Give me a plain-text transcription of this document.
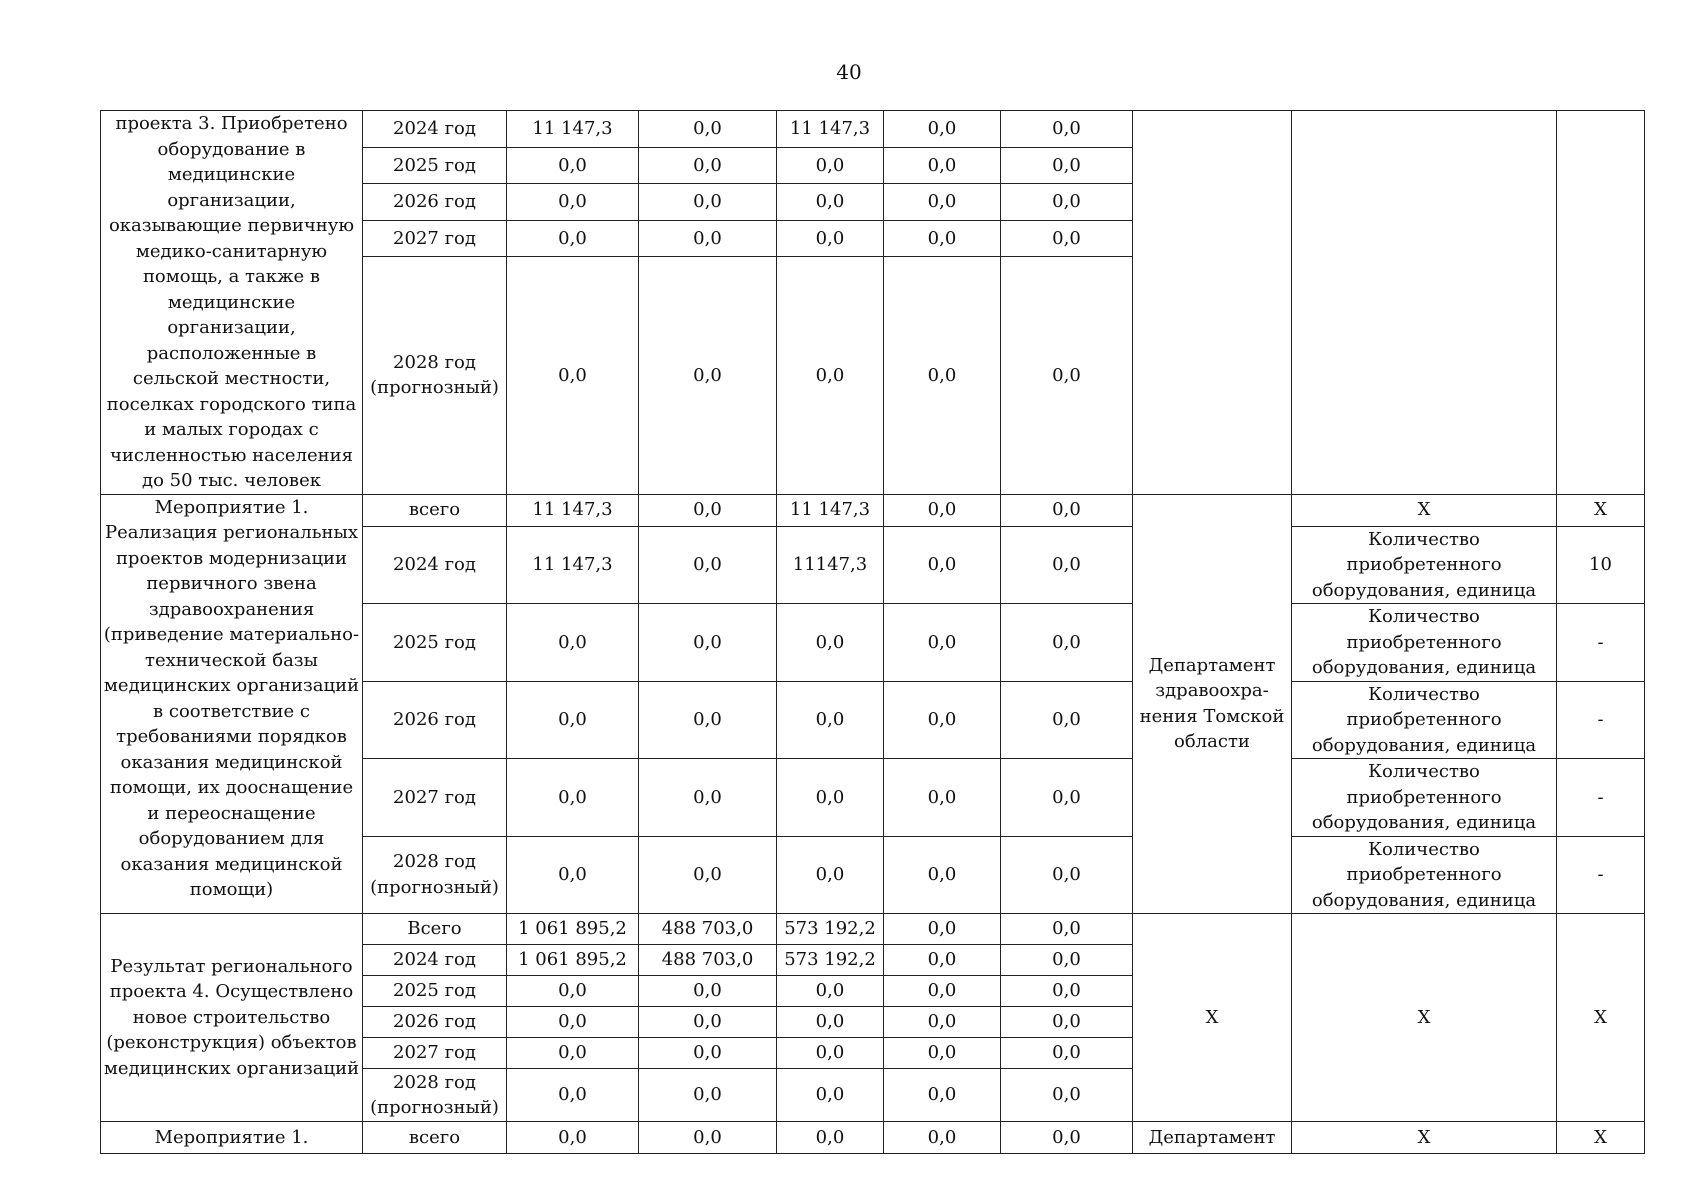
40
проекта 3. Приобретено оборудование в медицинские организации, оказывающие первичную медико-санитарную помощь, а также в медицинские организации, расположенные в сельской местности, поселках городского типа и малых городах с численностью населения до 50 тыс. человек	2024 год	11 147,3	0,0	11 147,3	0,0	0,0			
	2025 год	0,0	0,0	0,0	0,0	0,0			
	2026 год	0,0	0,0	0,0	0,0	0,0			
	2027 год	0,0	0,0	0,0	0,0	0,0			
	2028 год (прогнозный)	0,0	0,0	0,0	0,0	0,0			
Мероприятие 1. Реализация региональных проектов модернизации первичного звена здравоохранения (приведение материально-технической базы медицинских организаций в соответствие с требованиями порядков оказания медицинской помощи, их дооснащение и переоснащение оборудованием для оказания медицинской помощи)	всего	11 147,3	0,0	11 147,3	0,0	0,0	Департамент здравоохра-нения Томской области	X	X
	2024 год	11 147,3	0,0	11147,3	0,0	0,0		Количество приобретенного оборудования, единица	10
	2025 год	0,0	0,0	0,0	0,0	0,0		Количество приобретенного оборудования, единица	-
	2026 год	0,0	0,0	0,0	0,0	0,0		Количество приобретенного оборудования, единица	-
	2027 год	0,0	0,0	0,0	0,0	0,0		Количество приобретенного оборудования, единица	-
	2028 год (прогнозный)	0,0	0,0	0,0	0,0	0,0		Количество приобретенного оборудования, единица	-
Результат регионального проекта 4. Осуществлено новое строительство (реконструкция) объектов медицинских организаций	Всего	1 061 895,2	488 703,0	573 192,2	0,0	0,0	X	X	X
	2024 год	1 061 895,2	488 703,0	573 192,2	0,0	0,0			
	2025 год	0,0	0,0	0,0	0,0	0,0			
	2026 год	0,0	0,0	0,0	0,0	0,0			
	2027 год	0,0	0,0	0,0	0,0	0,0			
	2028 год (прогнозный)	0,0	0,0	0,0	0,0	0,0			
Мероприятие 1.	всего	0,0	0,0	0,0	0,0	0,0	Департамент	X	X
